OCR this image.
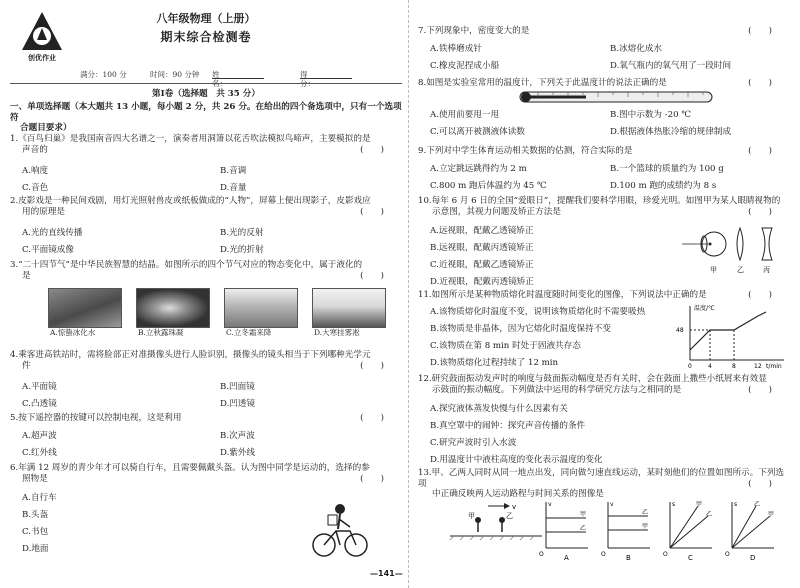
创优作业
八年级物理（上册）
期末综合检测卷
满分：100 分	时间：90 分钟 姓名：
得分：
第Ⅰ卷（选择题　共 35 分）
一、单项选择题（本大题共 13 小题，每小题 2 分，共 26 分。在给出的四个备选项中，只有一个选项符
合题目要求）
1.《百鸟归巢》是我国南音四大名谱之一，演奏者用洞箫以花舌吹法模拟鸟啼声，主要模拟的是
声音的	(　　)
A.响度	B.音调
C.音色	D.音量
2.皮影戏是一种民间戏剧，用灯光照射兽皮或纸板做成的“人物”，屏幕上便出现影子，皮影戏应
用的原理是	(　　)
A.光的直线传播	B.光的反射
C.平面镜成像	D.光的折射
3.“二十四节气”是中华民族智慧的结晶。如图所示的四个节气对应的物态变化中，属于液化的
是	(　　)
A.惊蛰冰化水	B.立秋露珠凝	C.立冬霜来降	D.大寒挂雾凇
4.乘客进高铁站时，需将脸部正对准摄像头进行人脸识别，摄像头的镜头相当于下列哪种光学元
件	(　　)
A.平面镜	B.凹面镜
C.凸透镜	D.凹透镜
5.按下遥控器的按键可以控制电视，这是利用	(　　)
A.超声波	B.次声波
C.红外线	D.紫外线
6.年满 12 周岁的青少年才可以骑自行车，且需要佩戴头盔。认为图中同学是运动的，选择的参
照物是	(　　)
A.自行车
B.头盔
C.书包
D.地面
7.下列现象中，密度变大的是	(　　)
A.铁棒磨成针	B.冰熔化成水
C.橡皮泥捏成小船	D.氧气瓶内的氧气用了一段时间
8.如图是实验室常用的温度计，下列关于此温度计的说法正确的是	(　　)
A.使用前要甩一甩	B.图中示数为 -20 ℃
C.可以离开被测液体读数	D.根据液体热胀冷缩的规律制成
9.下列对中学生体育运动相关数据的估测，符合实际的是	(　　)
A.立定跳远跳得约为 2 m	B.一个篮球的质量约为 100 g
C.800 m 跑后体温约为 45 ℃	D.100 m 跑的成绩约为 8 s
10.每年 6 月 6 日的全国“爱眼日”，提醒我们要科学用眼，珍爱光明。如图甲为某人眼睛视物的
示意图，其视力问题及矫正方法是	(　　)
A.远视眼，配戴乙透镜矫正
B.远视眼，配戴丙透镜矫正
C.近视眼，配戴乙透镜矫正
D.近视眼，配戴丙透镜矫正
甲	乙	丙
11.如图所示是某种物质熔化时温度随时间变化的图像，下列说法中正确的是	(　　)
A.该物质熔化时温度不变，说明该物质熔化时不需要吸热
B.该物质是非晶体，因为它熔化时温度保持不变
C.该物质在第 8 min 时处于固液共存态
D.该物质熔化过程持续了 12 min
温度/℃
48
0	4	8	12 t/min
12.研究鼓面振动发声时的响度与鼓面振动幅度是否有关时，会在鼓面上撒些小纸屑来有效显
示鼓面的振动幅度。下列做法中运用的科学研究方法与之相同的是	(　　)
A.探究液体蒸发快慢与什么因素有关
B.真空罩中的闹钟：探究声音传播的条件
C.研究声波时引入水波
D.用温度计中液柱高度的变化表示温度的变化
13.甲、乙两人同时从同一地点出发，同向做匀速直线运动，某时刻他们的位置如图所示。下列选项
中正确反映两人运动路程与时间关系的图像是
(　　)
v
甲	乙	甲
乙
v
O	A
乙
甲
v
O	B
甲
乙
s
O	C
乙
甲
s
O	D
—141—
